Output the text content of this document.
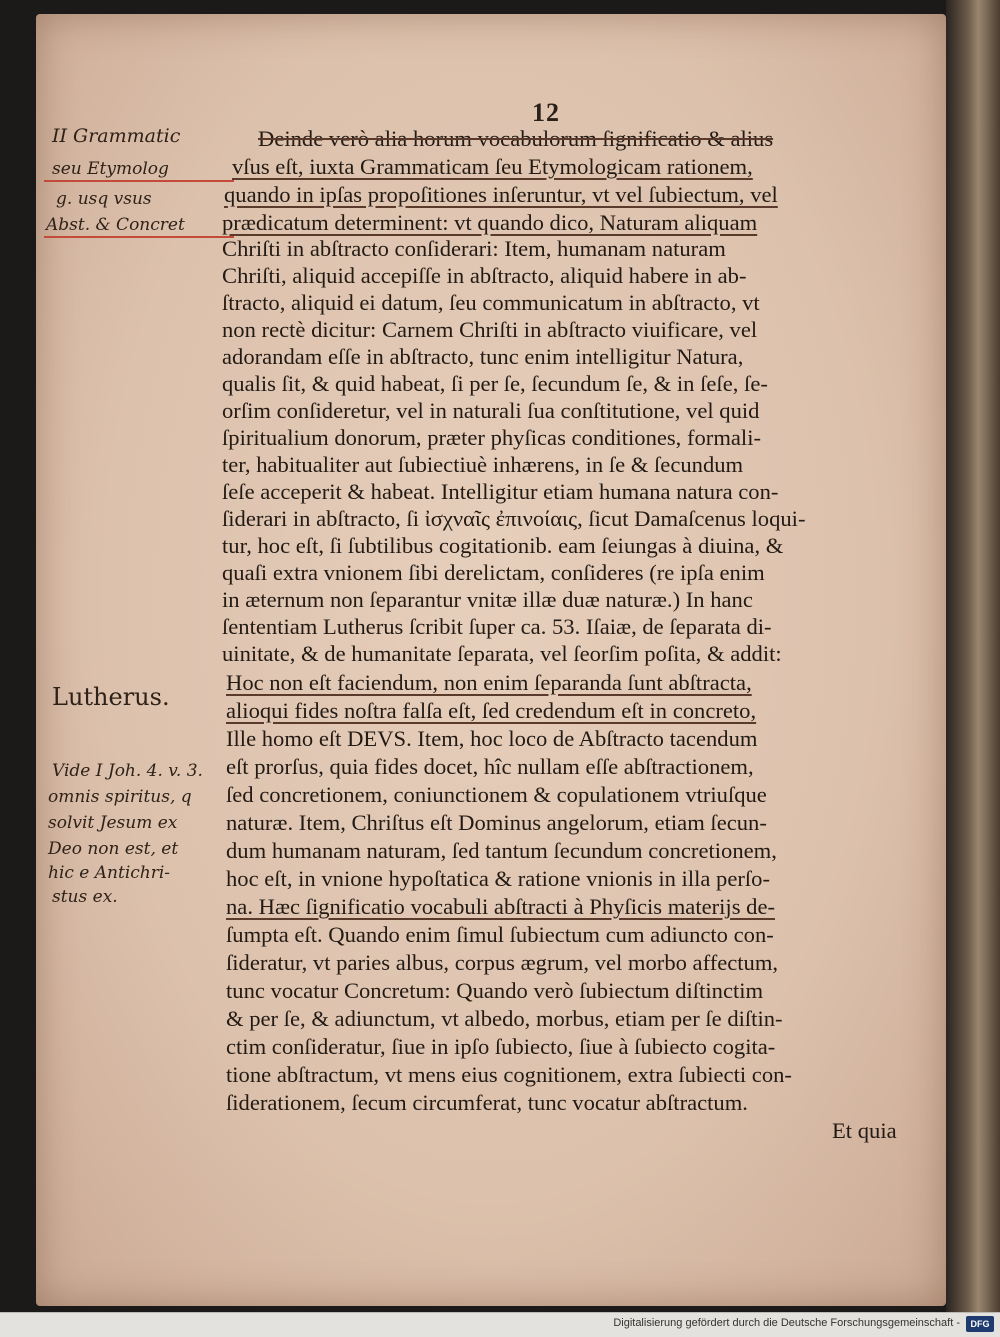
12
II Grammatic
seu Etymolog
g. usq vsus
Abst. & Concret
Lutherus.
Vide I Joh. 4. v. 3.
omnis spiritus, q
solvit Jesum ex
Deo non est, et
hic e Antichri-
stus ex.
Deinde verò alia horum vocabulorum ſignificatio & alius
vſus eſt, iuxta Grammaticam ſeu Etymologicam rationem,
quando in ipſas propoſitiones inſeruntur, vt vel ſubiectum, vel
prædicatum determinent: vt quando dico, Naturam aliquam
Chriſti in abſtracto conſiderari: Item, humanam naturam
Chriſti, aliquid accepiſſe in abſtracto, aliquid habere in ab-
ſtracto, aliquid ei datum, ſeu communicatum in abſtracto, vt
non rectè dicitur: Carnem Chriſti in abſtracto viuificare, vel
adorandam eſſe in abſtracto, tunc enim intelligitur Natura,
qualis ſit, & quid habeat, ſi per ſe, ſecundum ſe, & in ſeſe, ſe-
orſim conſideretur, vel in naturali ſua conſtitutione, vel quid
ſpiritualium donorum, præter phyſicas conditiones, formali-
ter, habitualiter aut ſubiectiuè inhærens, in ſe & ſecundum
ſeſe acceperit & habeat. Intelligitur etiam humana natura con-
ſiderari in abſtracto, ſi ἰσχναῖς ἐπινοίαις, ſicut Damaſcenus loqui-
tur, hoc eſt, ſi ſubtilibus cogitationib. eam ſeiungas à diuina, &
quaſi extra vnionem ſibi derelictam, conſideres (re ipſa enim
in æternum non ſeparantur vnitæ illæ duæ naturæ.) In hanc
ſententiam Lutherus ſcribit ſuper ca. 53. Iſaiæ, de ſeparata di-
uinitate, & de humanitate ſeparata, vel ſeorſim poſita, & addit:
Hoc non eſt faciendum, non enim ſeparanda ſunt abſtracta,
alioqui fides noſtra falſa eſt, ſed credendum eſt in concreto,
Ille homo eſt DEVS. Item, hoc loco de Abſtracto tacendum
eſt prorſus, quia fides docet, hîc nullam eſſe abſtractionem,
ſed concretionem, coniunctionem & copulationem vtriuſque
naturæ. Item, Chriſtus eſt Dominus angelorum, etiam ſecun-
dum humanam naturam, ſed tantum ſecundum concretionem,
hoc eſt, in vnione hypoſtatica & ratione vnionis in illa perſo-
na. Hæc ſignificatio vocabuli abſtracti à Phyſicis materijs de-
ſumpta eſt. Quando enim ſimul ſubiectum cum adiuncto con-
ſideratur, vt paries albus, corpus ægrum, vel morbo affectum,
tunc vocatur Concretum: Quando verò ſubiectum diſtinctim
& per ſe, & adiunctum, vt albedo, morbus, etiam per ſe diſtin-
ctim conſideratur, ſiue in ipſo ſubiecto, ſiue à ſubiecto cogita-
tione abſtractum, vt mens eius cognitionem, extra ſubiecti con-
ſiderationem, ſecum circumferat, tunc vocatur abſtractum.
Et quia
Digitalisierung gefördert durch die Deutsche Forschungsgemeinschaft -	DFG
